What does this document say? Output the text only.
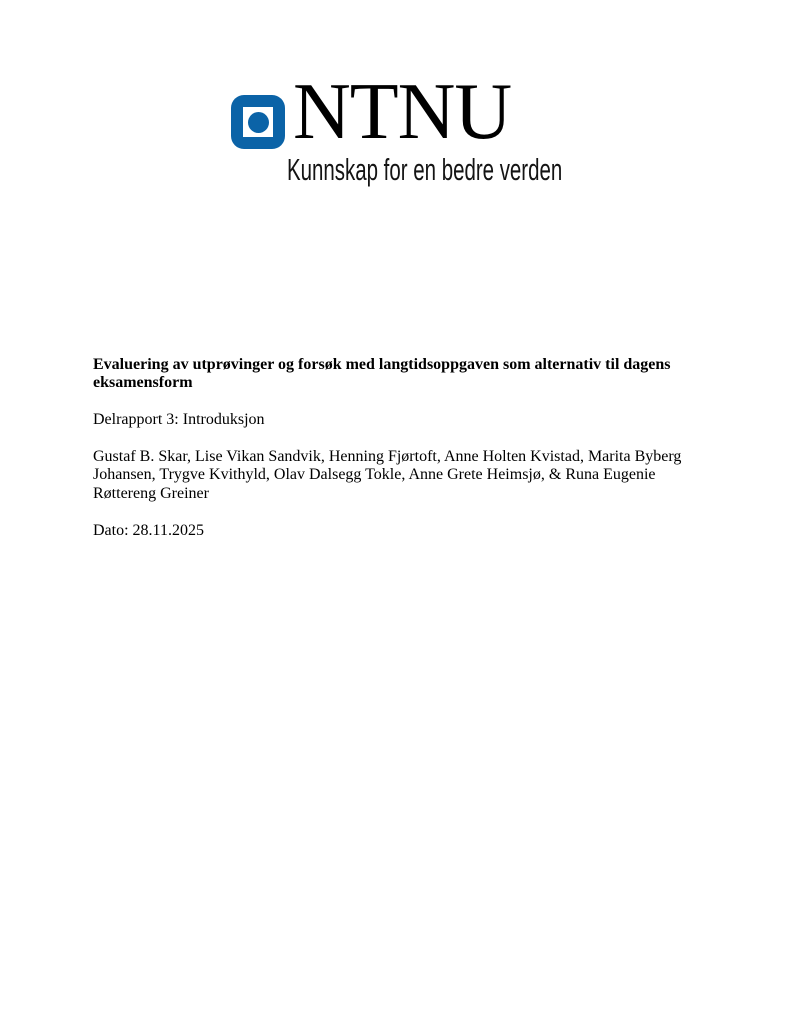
NTNU
Kunnskap for en bedre verden
Evaluering av utprøvinger og forsøk med langtidsoppgaven som alternativ til dagens
eksamensform
Delrapport 3: Introduksjon
Gustaf B. Skar, Lise Vikan Sandvik, Henning Fjørtoft, Anne Holten Kvistad, Marita Byberg
Johansen, Trygve Kvithyld, Olav Dalsegg Tokle, Anne Grete Heimsjø, & Runa Eugenie
Røttereng Greiner
Dato: 28.11.2025
